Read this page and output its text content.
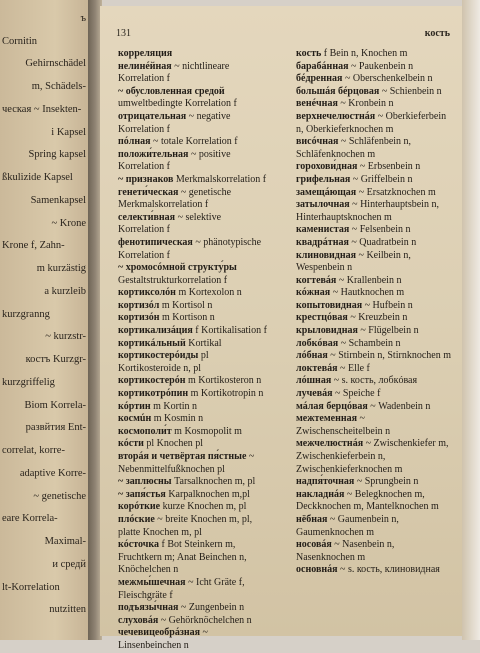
ъ
Cornitin
Gehirnschädel
m, Schädels-
ческая ~ Insekten-
i Kapsel
Spring kapsel
ßkulizide Kapsel
Samenkapsel
~ Krone
Krone f, Zahn-
m kurzästig
a kurzleib
kurzgranng
~ kurzstr-
костъ Kurzgr-
kurzgriffelig
Biom Korrela-
развйтия Ent-
correlat, korre-
adaptive Korre-
~ genetische
eare Korrela-
Maximal-
и средй
lt-Korrelation
nutzitten
131	кость
корреляция
нелинéйная ~ nichtlineare Korrelation f
~ обусловленная средой umweltbedingte Korrelation f
отрицательная ~ negative Korrelation f
пóлная ~ totale Korrelation f
положи́тельная ~ positive Korrelation f
~ признаков Merkmalskorrelation f
генети́ческая ~ genetische Merkmalskorrelation f
селекти́вная ~ selektive Korrelation f
фенотипическая ~ phänotypische Korrelation f
~ хромосóмной структу́ры Gestaltstrukturkorrelation f
кортиксолóн m Kortexolon n
кортизóл m Kortisol n
кортизóн m Kortison n
кортикализáция f Kortikalisation f
кортикáльный Kortikal
кортикостерóиды pl Kortikosteroide n, pl
кортикостерóн m Kortikosteron n
кортикотрóпин m Kortikotropin n
кóртин m Kortin n
космúн m Kosmin n
космополи́т m Kosmopolit m
кóсти pl Knochen pl
вторáя и четвёртая пя́стные ~ Nebenmittelfußknochen pl
~ заплюсны Tarsalknochen m, pl
~ запя́стья Karpalknochen m,pl
корóткие kurze Knochen m, pl
плóские ~ breite Knochen m, pl, platte Knochen m, pl
кóсточка f Bot Steinkern m, Fruchtkern m; Anat Beinchen n, Knöchelchen n
межмы́шечная ~ Icht Gräte f, Fleischgräte f
подъязы́чная ~ Zungenbein n
слуховáя ~ Gehörknöchelchen n
чечевицеобрáзная ~ Linsenbeinchen n
кость f Bein n, Knochen m
барабáнная ~ Paukenbein n
бéдренная ~ Oberschenkelbein n
большáя бéрцовая ~ Schienbein n
венéчная ~ Kronbein n
верхнечелюстнáя ~ Oberkieferbein n, Oberkieferknochen m
висóчная ~ Schläfenbein n, Schläfenknochen m
горохови́дная ~ Erbsenbein n
грифельная ~ Griffelbein n
замещáющая ~ Ersatzknochen m
затылочная ~ Hinterhauptsbein n, Hinterhauptsknochen m
каменистая ~ Felsenbein n
квадрáтная ~ Quadratbein n
клиновидная ~ Keilbein n, Wespenbein n
когтевáя ~ Krallenbein n
кóжная ~ Hautknochen m
копытовидная ~ Hufbein n
крестцóвая ~ Kreuzbein n
крыловидная ~ Flügelbein n
лобкóвая ~ Schambein n
лóбная ~ Stirnbein n, Stirnknochen m
локтевáя ~ Elle f
лóшная ~ s. кость, лобкóвая
лучевáя ~ Speiche f
мáлая берцóвая ~ Wadenbein n
межтеменная ~ Zwischenscheitelbein n
межчелюстнáя ~ Zwischenkiefer m, Zwischenkieferbein n, Zwischenkieferknochen m
надпя́точная ~ Sprungbein n
накладнáя ~ Belegknochen m, Deckknochen m, Mantelknochen m
нёбная ~ Gaumenbein n, Gaumenknochen m
носовáя ~ Nasenbein n, Nasenknochen m
основнáя ~ s. кость, клиновидная
